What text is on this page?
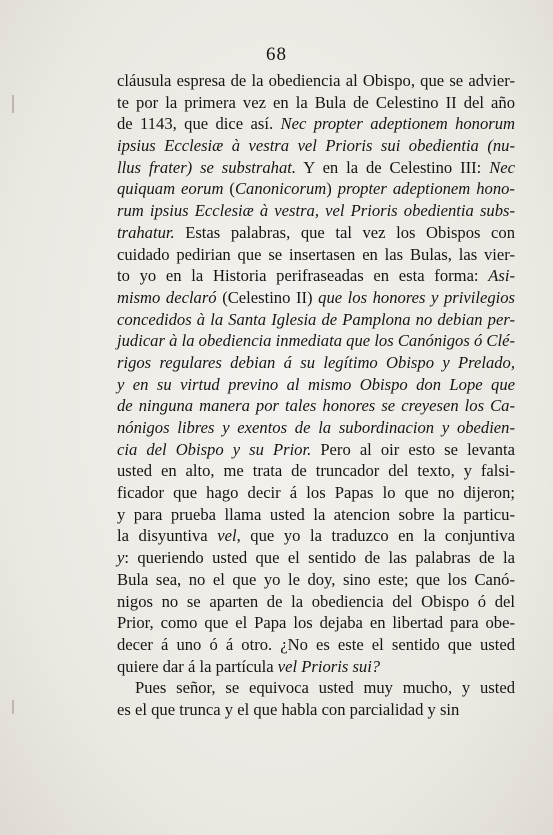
68
cláusula espresa de la obediencia al Obispo, que se advier-
te por la primera vez en la Bula de Celestino II del año
de 1143, que dice así. Nec propter adeptionem honorum
ipsius Ecclesiæ à vestra vel Prioris sui obedientia (nu-
llus frater) se substrahat. Y en la de Celestino III: Nec
quiquam eorum (Canonicorum) propter adeptionem hono-
rum ipsius Ecclesiæ à vestra, vel Prioris obedientia subs-
trahatur. Estas palabras, que tal vez los Obispos con
cuidado pedirian que se insertasen en las Bulas, las vier-
to yo en la Historia perifraseadas en esta forma: Asi-
mismo declaró (Celestino II) que los honores y privilegios
concedidos à la Santa Iglesia de Pamplona no debian per-
judicar à la obediencia inmediata que los Canónigos ó Clé-
rigos regulares debian á su legítimo Obispo y Prelado,
y en su virtud previno al mismo Obispo don Lope que
de ninguna manera por tales honores se creyesen los Ca-
nónigos libres y exentos de la subordinacion y obedien-
cia del Obispo y su Prior. Pero al oir esto se levanta
usted en alto, me trata de truncador del texto, y falsi-
ficador que hago decir á los Papas lo que no dijeron;
y para prueba llama usted la atencion sobre la particu-
la disyuntiva vel, que yo la traduzco en la conjuntiva
y: queriendo usted que el sentido de las palabras de la
Bula sea, no el que yo le doy, sino este; que los Canó-
nigos no se aparten de la obediencia del Obispo ó del
Prior, como que el Papa los dejaba en libertad para obe-
decer á uno ó á otro. ¿No es este el sentido que usted
quiere dar á la partícula vel Prioris sui?
Pues señor, se equivoca usted muy mucho, y usted
es el que trunca y el que habla con parcialidad y sin
